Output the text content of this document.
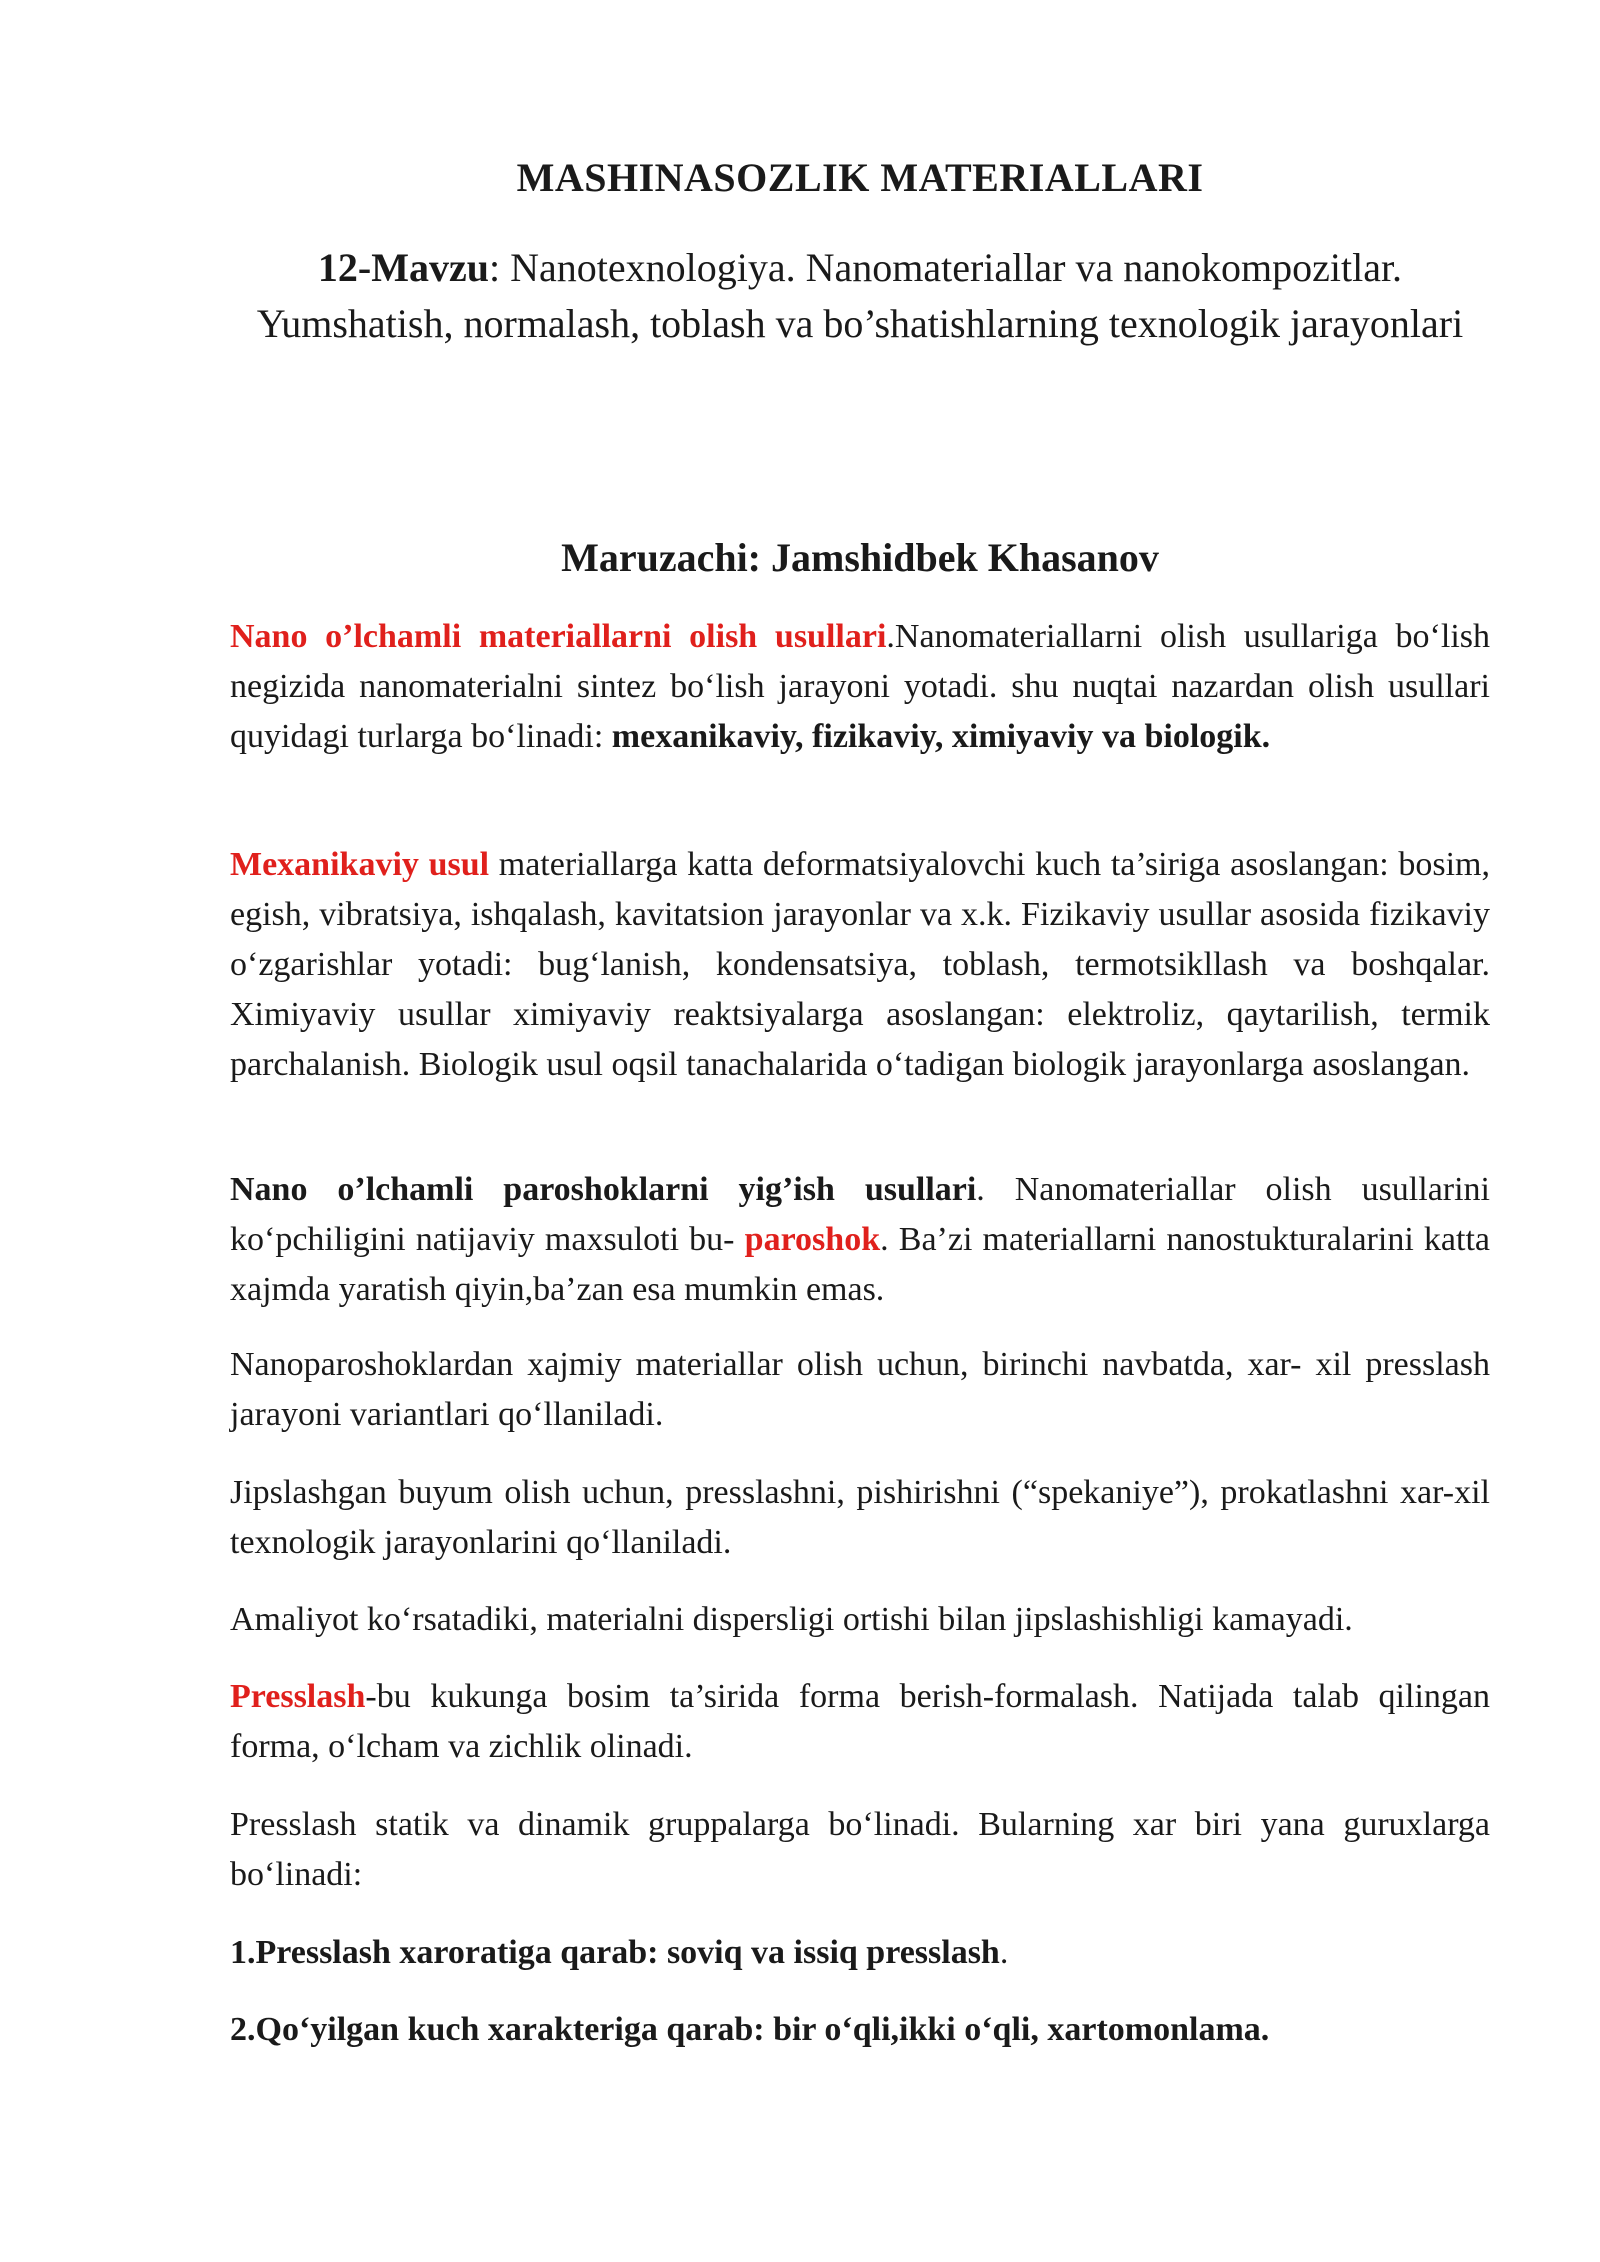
MASHINASOZLIK MATERIALLARI
12-Mavzu: Nanotexnologiya. Nanomateriallar va nanokompozitlar. Yumshatish, normalash, toblash va bo’shatishlarning texnologik jarayonlari
Maruzachi: Jamshidbek Khasanov

Nano o’lchamli materiallarni olish usullari.Nanomateriallarni olish usullariga bo‘lish negizida nanomaterialni sintez bo‘lish jarayoni yotadi. shu nuqtai nazardan olish usullari quyidagi turlarga bo‘linadi: mexanikaviy, fizikaviy, ximiyaviy va biologik.

Mexanikaviy usul materiallarga katta deformatsiyalovchi kuch ta’siriga asoslangan: bosim, egish, vibratsiya, ishqalash, kavitatsion jarayonlar va x.k. Fizikaviy usullar asosida fizikaviy o‘zgarishlar yotadi: bug‘lanish, kondensatsiya, toblash, termotsikllash va boshqalar. Ximiyaviy usullar ximiyaviy reaktsiyalarga asoslangan: elektroliz, qaytarilish, termik parchalanish. Biologik usul oqsil tanachalarida o‘tadigan biologik jarayonlarga asoslangan.

Nano o’lchamli paroshoklarni yig’ish usullari. Nanomateriallar olish usullarini ko‘pchiligini natijaviy maxsuloti bu- paroshok. Ba’zi materiallarni nanostukturalarini katta xajmda yaratish qiyin,ba’zan esa mumkin emas.

Nanoparoshoklardan xajmiy materiallar olish uchun, birinchi navbatda, xar- xil presslash jarayoni variantlari qo‘llaniladi.

Jipslashgan buyum olish uchun, presslashni, pishirishni (“spekaniye”), prokatlashni xar-xil texnologik jarayonlarini qo‘llaniladi.

Amaliyot ko‘rsatadiki, materialni dispersligi ortishi bilan jipslashishligi kamayadi.

Presslash-bu kukunga bosim ta’sirida forma berish-formalash. Natijada talab qilingan forma, o‘lcham va zichlik olinadi.

Presslash statik va dinamik gruppalarga bo‘linadi. Bularning xar biri yana guruxlarga bo‘linadi:

1.Presslash xaroratiga qarab: soviq va issiq presslash.

2.Qo‘yilgan kuch xarakteriga qarab: bir o‘qli,ikki o‘qli, xartomonlama.
